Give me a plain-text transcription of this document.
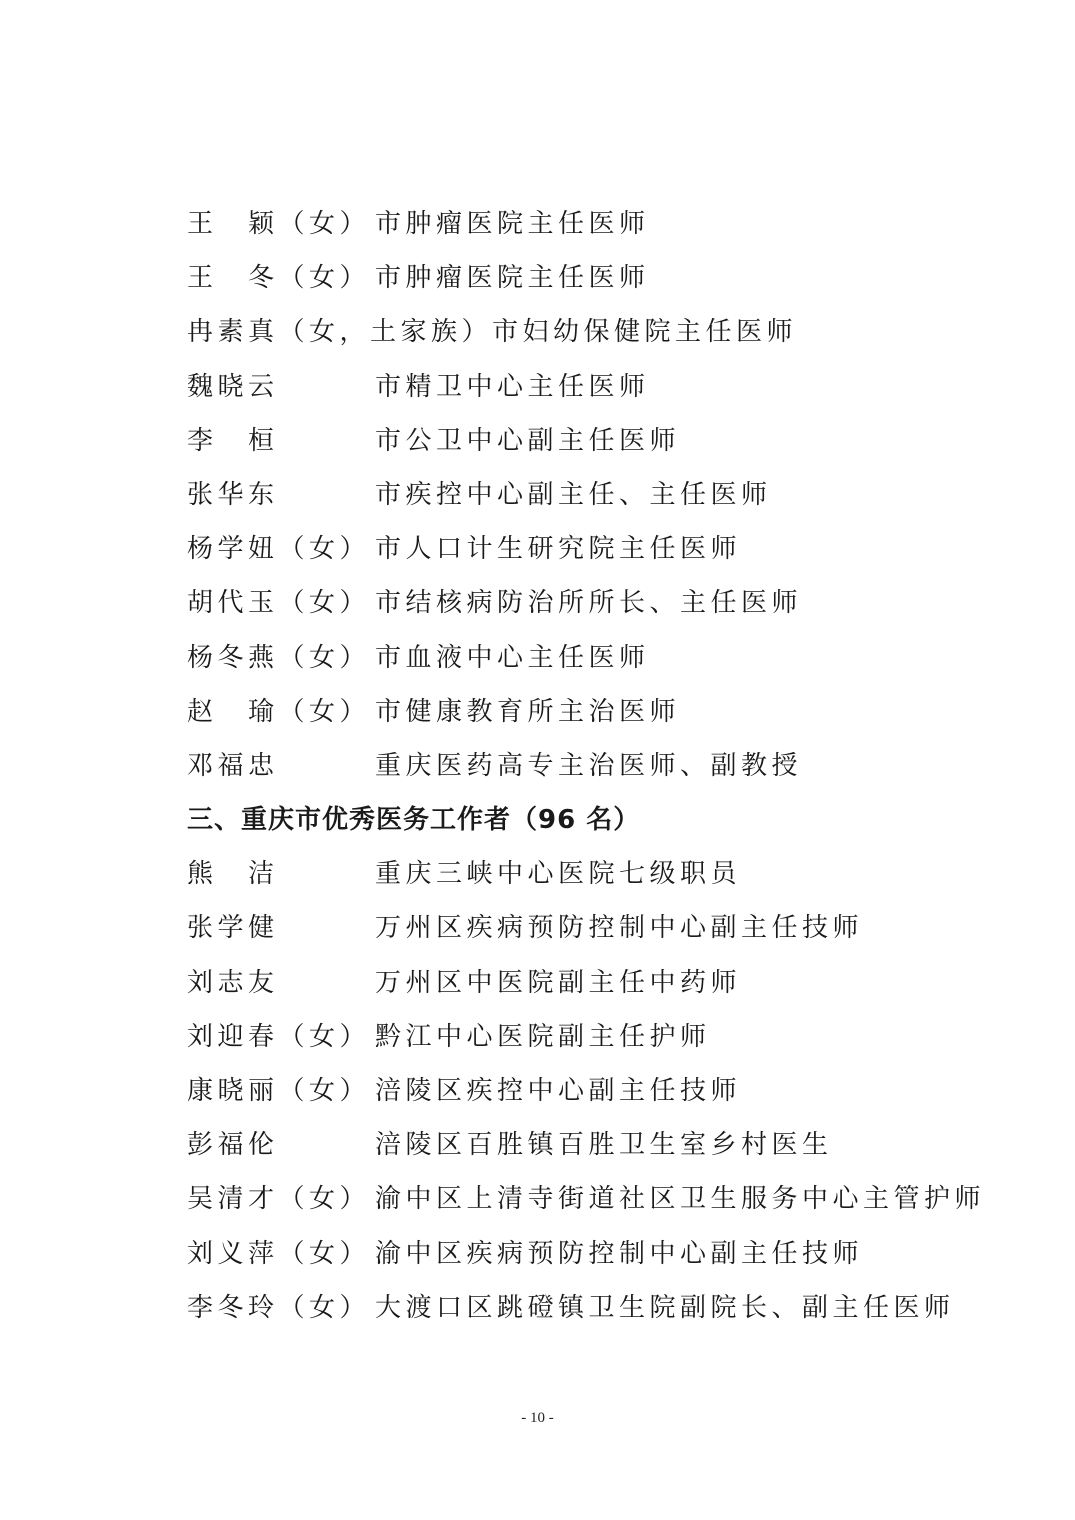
王　颖（女） 市肿瘤医院主任医师
王　冬（女） 市肿瘤医院主任医师
冉素真（女，土家族） 市妇幼保健院主任医师
魏晓云	市精卫中心主任医师
李　桓	市公卫中心副主任医师
张华东	市疾控中心副主任、主任医师
杨学妞（女） 市人口计生研究院主任医师
胡代玉（女） 市结核病防治所所长、主任医师
杨冬燕（女） 市血液中心主任医师
赵　瑜（女） 市健康教育所主治医师
邓福忠	重庆医药高专主治医师、副教授
三、重庆市优秀医务工作者（96 名）
熊　洁	重庆三峡中心医院七级职员
张学健	万州区疾病预防控制中心副主任技师
刘志友	万州区中医院副主任中药师
刘迎春（女） 黔江中心医院副主任护师
康晓丽（女） 涪陵区疾控中心副主任技师
彭福伦	涪陵区百胜镇百胜卫生室乡村医生
吴清才（女） 渝中区上清寺街道社区卫生服务中心主管护师
刘义萍（女） 渝中区疾病预防控制中心副主任技师
李冬玲（女） 大渡口区跳磴镇卫生院副院长、副主任医师
- 10 -
